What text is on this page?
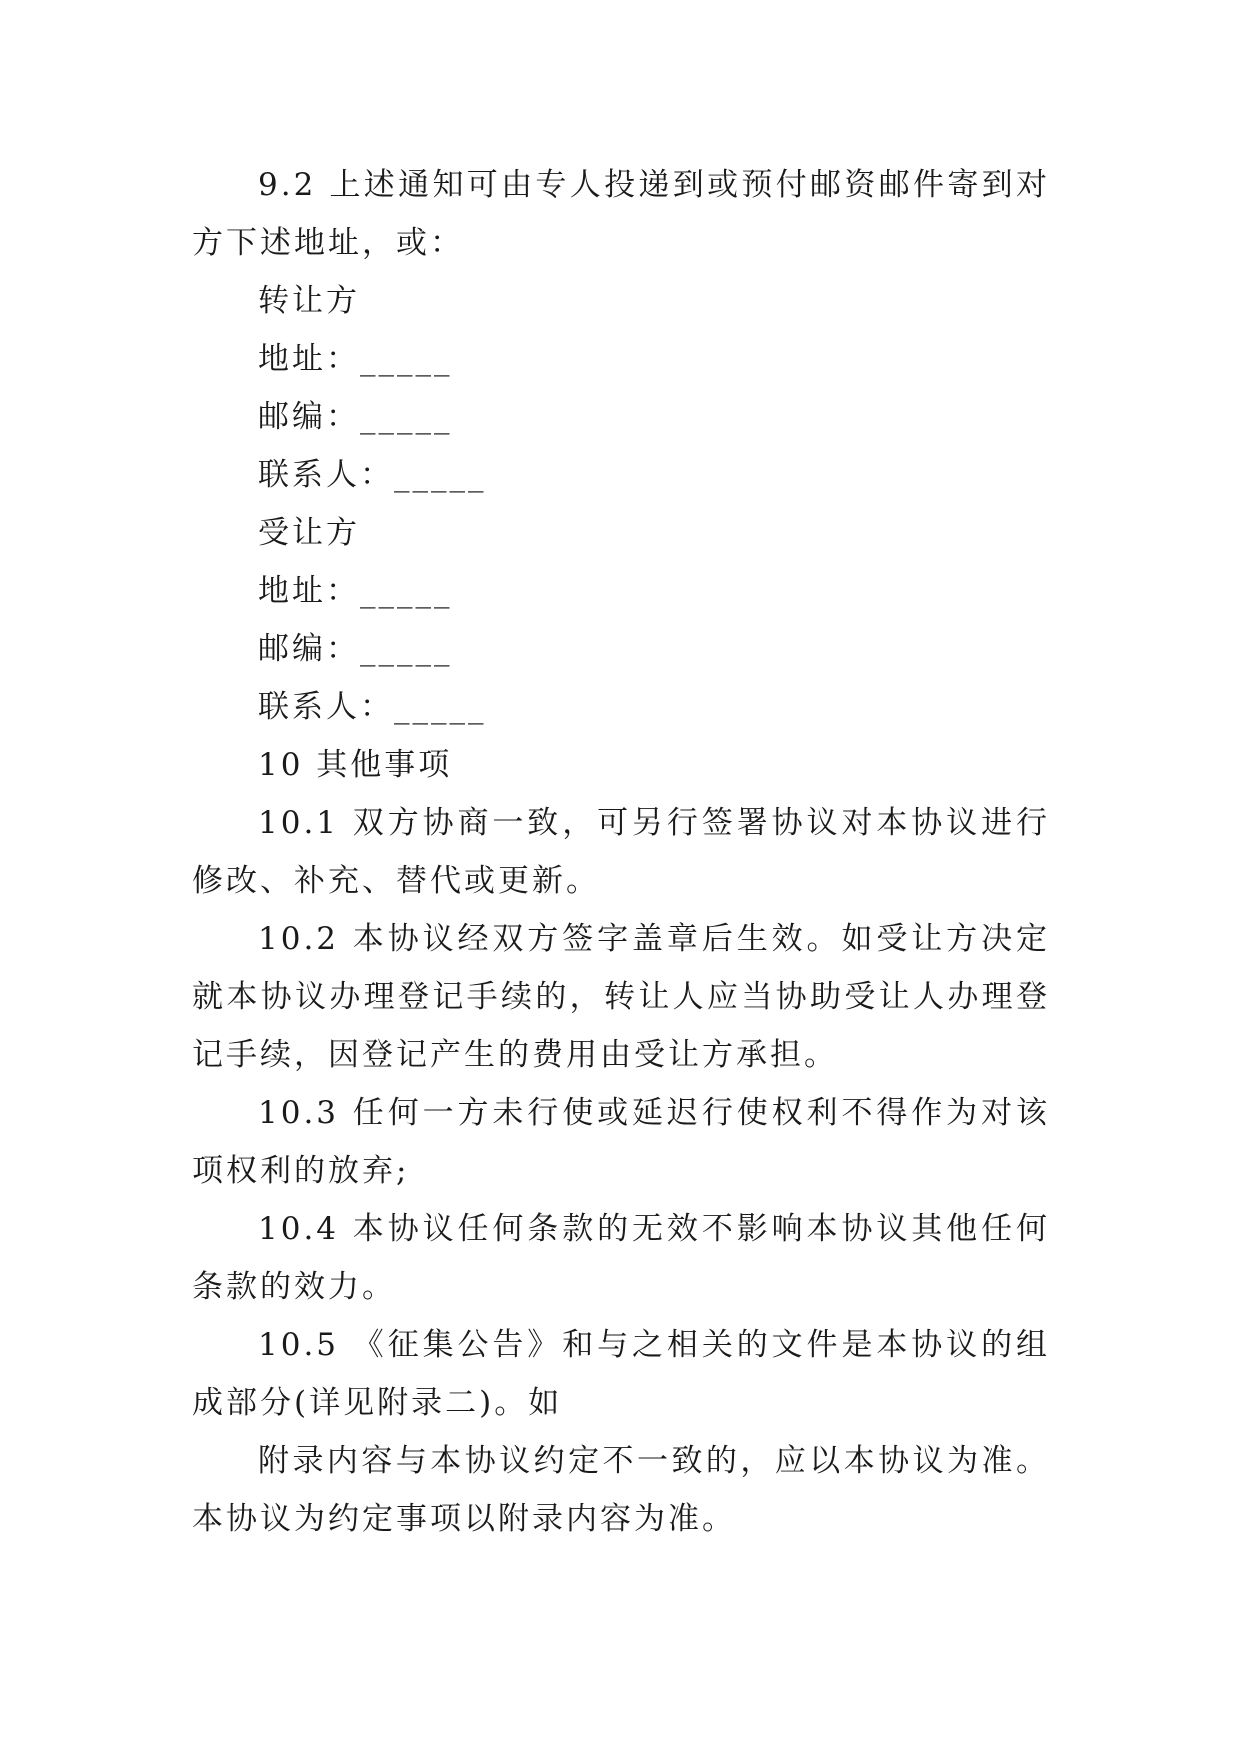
9.2 上述通知可由专人投递到或预付邮资邮件寄到对方下述地址，或：

转让方

地址：_____

邮编：_____

联系人：_____

受让方

地址：_____

邮编：_____

联系人：_____

10 其他事项

10.1 双方协商一致，可另行签署协议对本协议进行修改、补充、替代或更新。

10.2 本协议经双方签字盖章后生效。如受让方决定就本协议办理登记手续的，转让人应当协助受让人办理登记手续，因登记产生的费用由受让方承担。

10.3 任何一方未行使或延迟行使权利不得作为对该项权利的放弃;

10.4 本协议任何条款的无效不影响本协议其他任何条款的效力。

10.5 《征集公告》和与之相关的文件是本协议的组成部分(详见附录二)。如

附录内容与本协议约定不一致的，应以本协议为准。本协议为约定事项以附录内容为准。
